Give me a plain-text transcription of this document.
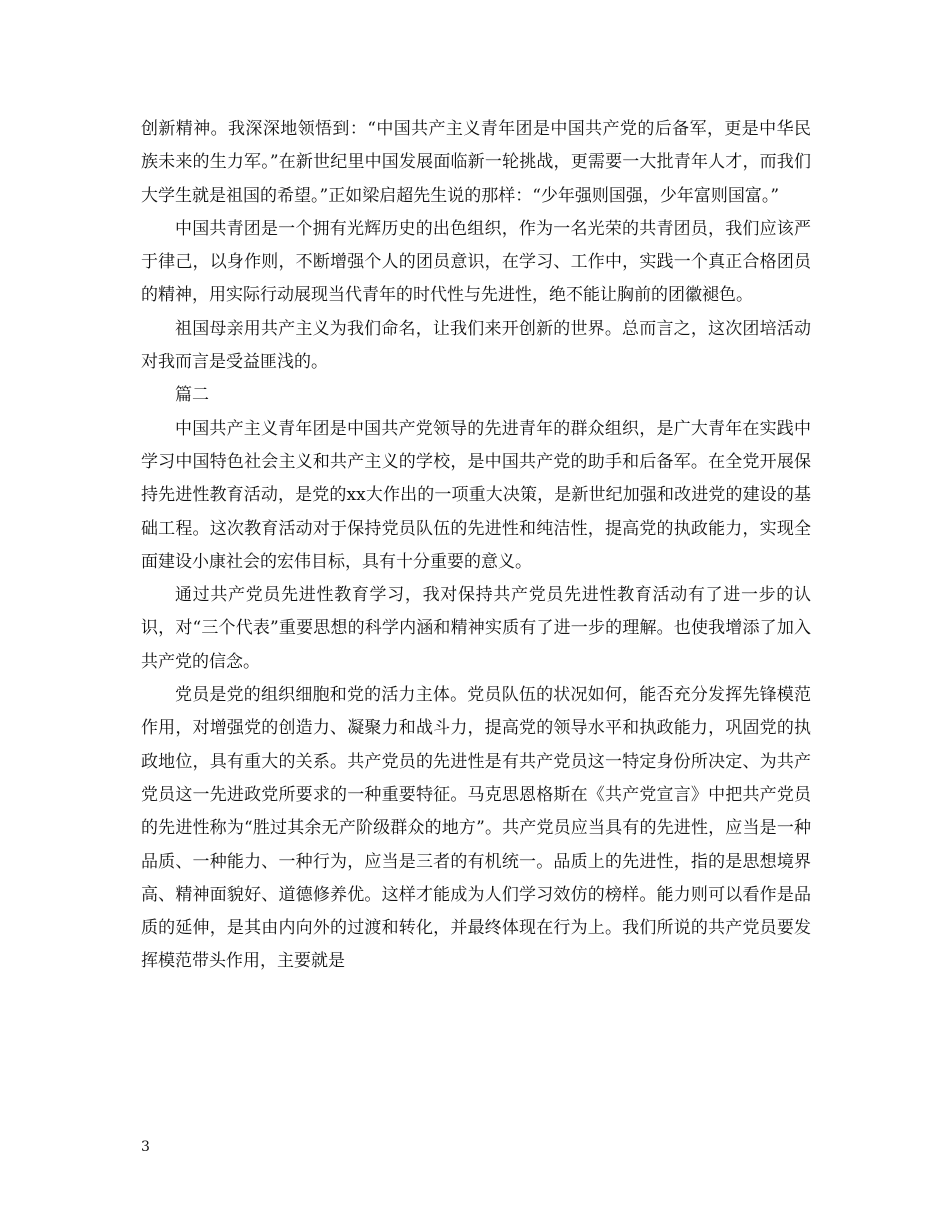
创新精神。我深深地领悟到：“中国共产主义青年团是中国共产党的后备军，更是中华民族未来的生力军。”在新世纪里中国发展面临新一轮挑战，更需要一大批青年人才，而我们大学生就是祖国的希望。”正如梁启超先生说的那样：“少年强则国强，少年富则国富。”

中国共青团是一个拥有光辉历史的出色组织，作为一名光荣的共青团员，我们应该严于律己，以身作则，不断增强个人的团员意识，在学习、工作中，实践一个真正合格团员的精神，用实际行动展现当代青年的时代性与先进性，绝不能让胸前的团徽褪色。

祖国母亲用共产主义为我们命名，让我们来开创新的世界。总而言之，这次团培活动对我而言是受益匪浅的。

篇二

中国共产主义青年团是中国共产党领导的先进青年的群众组织，是广大青年在实践中学习中国特色社会主义和共产主义的学校，是中国共产党的助手和后备军。在全党开展保持先进性教育活动，是党的xx大作出的一项重大决策，是新世纪加强和改进党的建设的基础工程。这次教育活动对于保持党员队伍的先进性和纯洁性，提高党的执政能力，实现全面建设小康社会的宏伟目标，具有十分重要的意义。

通过共产党员先进性教育学习，我对保持共产党员先进性教育活动有了进一步的认识，对“三个代表”重要思想的科学内涵和精神实质有了进一步的理解。也使我增添了加入共产党的信念。

党员是党的组织细胞和党的活力主体。党员队伍的状况如何，能否充分发挥先锋模范作用，对增强党的创造力、凝聚力和战斗力，提高党的领导水平和执政能力，巩固党的执政地位，具有重大的关系。共产党员的先进性是有共产党员这一特定身份所决定、为共产党员这一先进政党所要求的一种重要特征。马克思恩格斯在《共产党宣言》中把共产党员的先进性称为“胜过其余无产阶级群众的地方”。共产党员应当具有的先进性，应当是一种品质、一种能力、一种行为，应当是三者的有机统一。品质上的先进性，指的是思想境界高、精神面貌好、道德修养优。这样才能成为人们学习效仿的榜样。能力则可以看作是品质的延伸，是其由内向外的过渡和转化，并最终体现在行为上。我们所说的共产党员要发挥模范带头作用，主要就是

3
